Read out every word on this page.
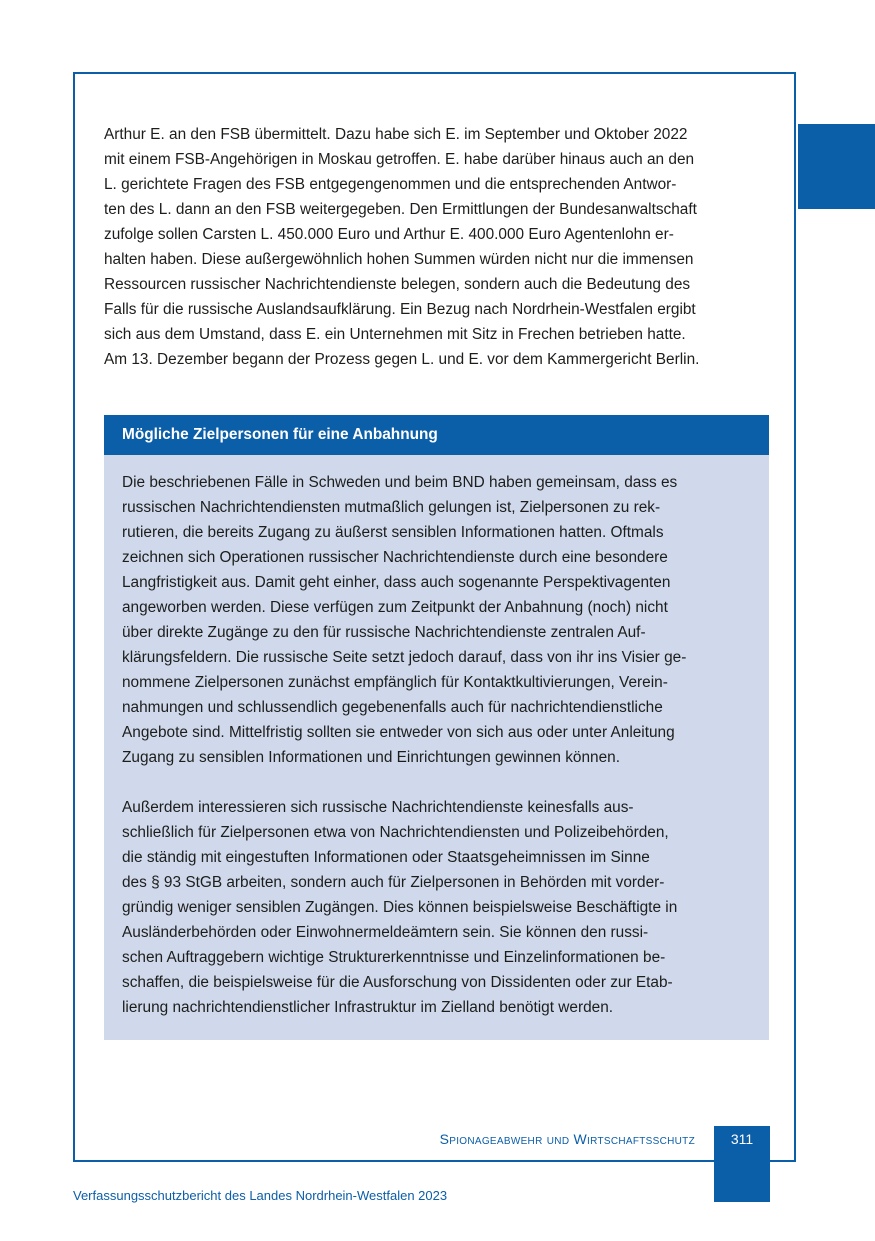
Arthur E. an den FSB übermittelt. Dazu habe sich E. im September und Oktober 2022
mit einem FSB-Angehörigen in Moskau getroffen. E. habe darüber hinaus auch an den
L. gerichtete Fragen des FSB entgegengenommen und die entsprechenden Antwor-
ten des L. dann an den FSB weitergegeben. Den Ermittlungen der Bundesanwaltschaft
zufolge sollen Carsten L. 450.000 Euro und Arthur E. 400.000 Euro Agentenlohn er-
halten haben. Diese außergewöhnlich hohen Summen würden nicht nur die immensen
Ressourcen russischer Nachrichtendienste belegen, sondern auch die Bedeutung des
Falls für die russische Auslandsaufklärung. Ein Bezug nach Nordrhein-Westfalen ergibt
sich aus dem Umstand, dass E. ein Unternehmen mit Sitz in Frechen betrieben hatte.
Am 13. Dezember begann der Prozess gegen L. und E. vor dem Kammergericht Berlin.
Mögliche Zielpersonen für eine Anbahnung

Die beschriebenen Fälle in Schweden und beim BND haben gemeinsam, dass es
russischen Nachrichtendiensten mutmaßlich gelungen ist, Zielpersonen zu rek-
rutieren, die bereits Zugang zu äußerst sensiblen Informationen hatten. Oftmals
zeichnen sich Operationen russischer Nachrichtendienste durch eine besondere
Langfristigkeit aus. Damit geht einher, dass auch sogenannte Perspektivagenten
angeworben werden. Diese verfügen zum Zeitpunkt der Anbahnung (noch) nicht
über direkte Zugänge zu den für russische Nachrichtendienste zentralen Auf-
klärungsfeldern. Die russische Seite setzt jedoch darauf, dass von ihr ins Visier ge-
nommene Zielpersonen zunächst empfänglich für Kontaktkultivierungen, Verein-
nahmungen und schlussendlich gegebenenfalls auch für nachrichtendienstliche
Angebote sind. Mittelfristig sollten sie entweder von sich aus oder unter Anleitung
Zugang zu sensiblen Informationen und Einrichtungen gewinnen können.

Außerdem interessieren sich russische Nachrichtendienste keinesfalls aus-
schließlich für Zielpersonen etwa von Nachrichtendiensten und Polizeibehörden,
die ständig mit eingestuften Informationen oder Staatsgeheimnissen im Sinne
des § 93 StGB arbeiten, sondern auch für Zielpersonen in Behörden mit vorder-
gründig weniger sensiblen Zugängen. Dies können beispielsweise Beschäftigte in
Ausländerbehörden oder Einwohnermeldeämtern sein. Sie können den russi-
schen Auftraggebern wichtige Strukturerkenntnisse und Einzelinformationen be-
schaffen, die beispielsweise für die Ausforschung von Dissidenten oder zur Etab-
lierung nachrichtendienstlicher Infrastruktur im Zielland benötigt werden.

Spionageabwehr und Wirtschaftsschutz	311
Verfassungsschutzbericht des Landes Nordrhein-Westfalen 2023
